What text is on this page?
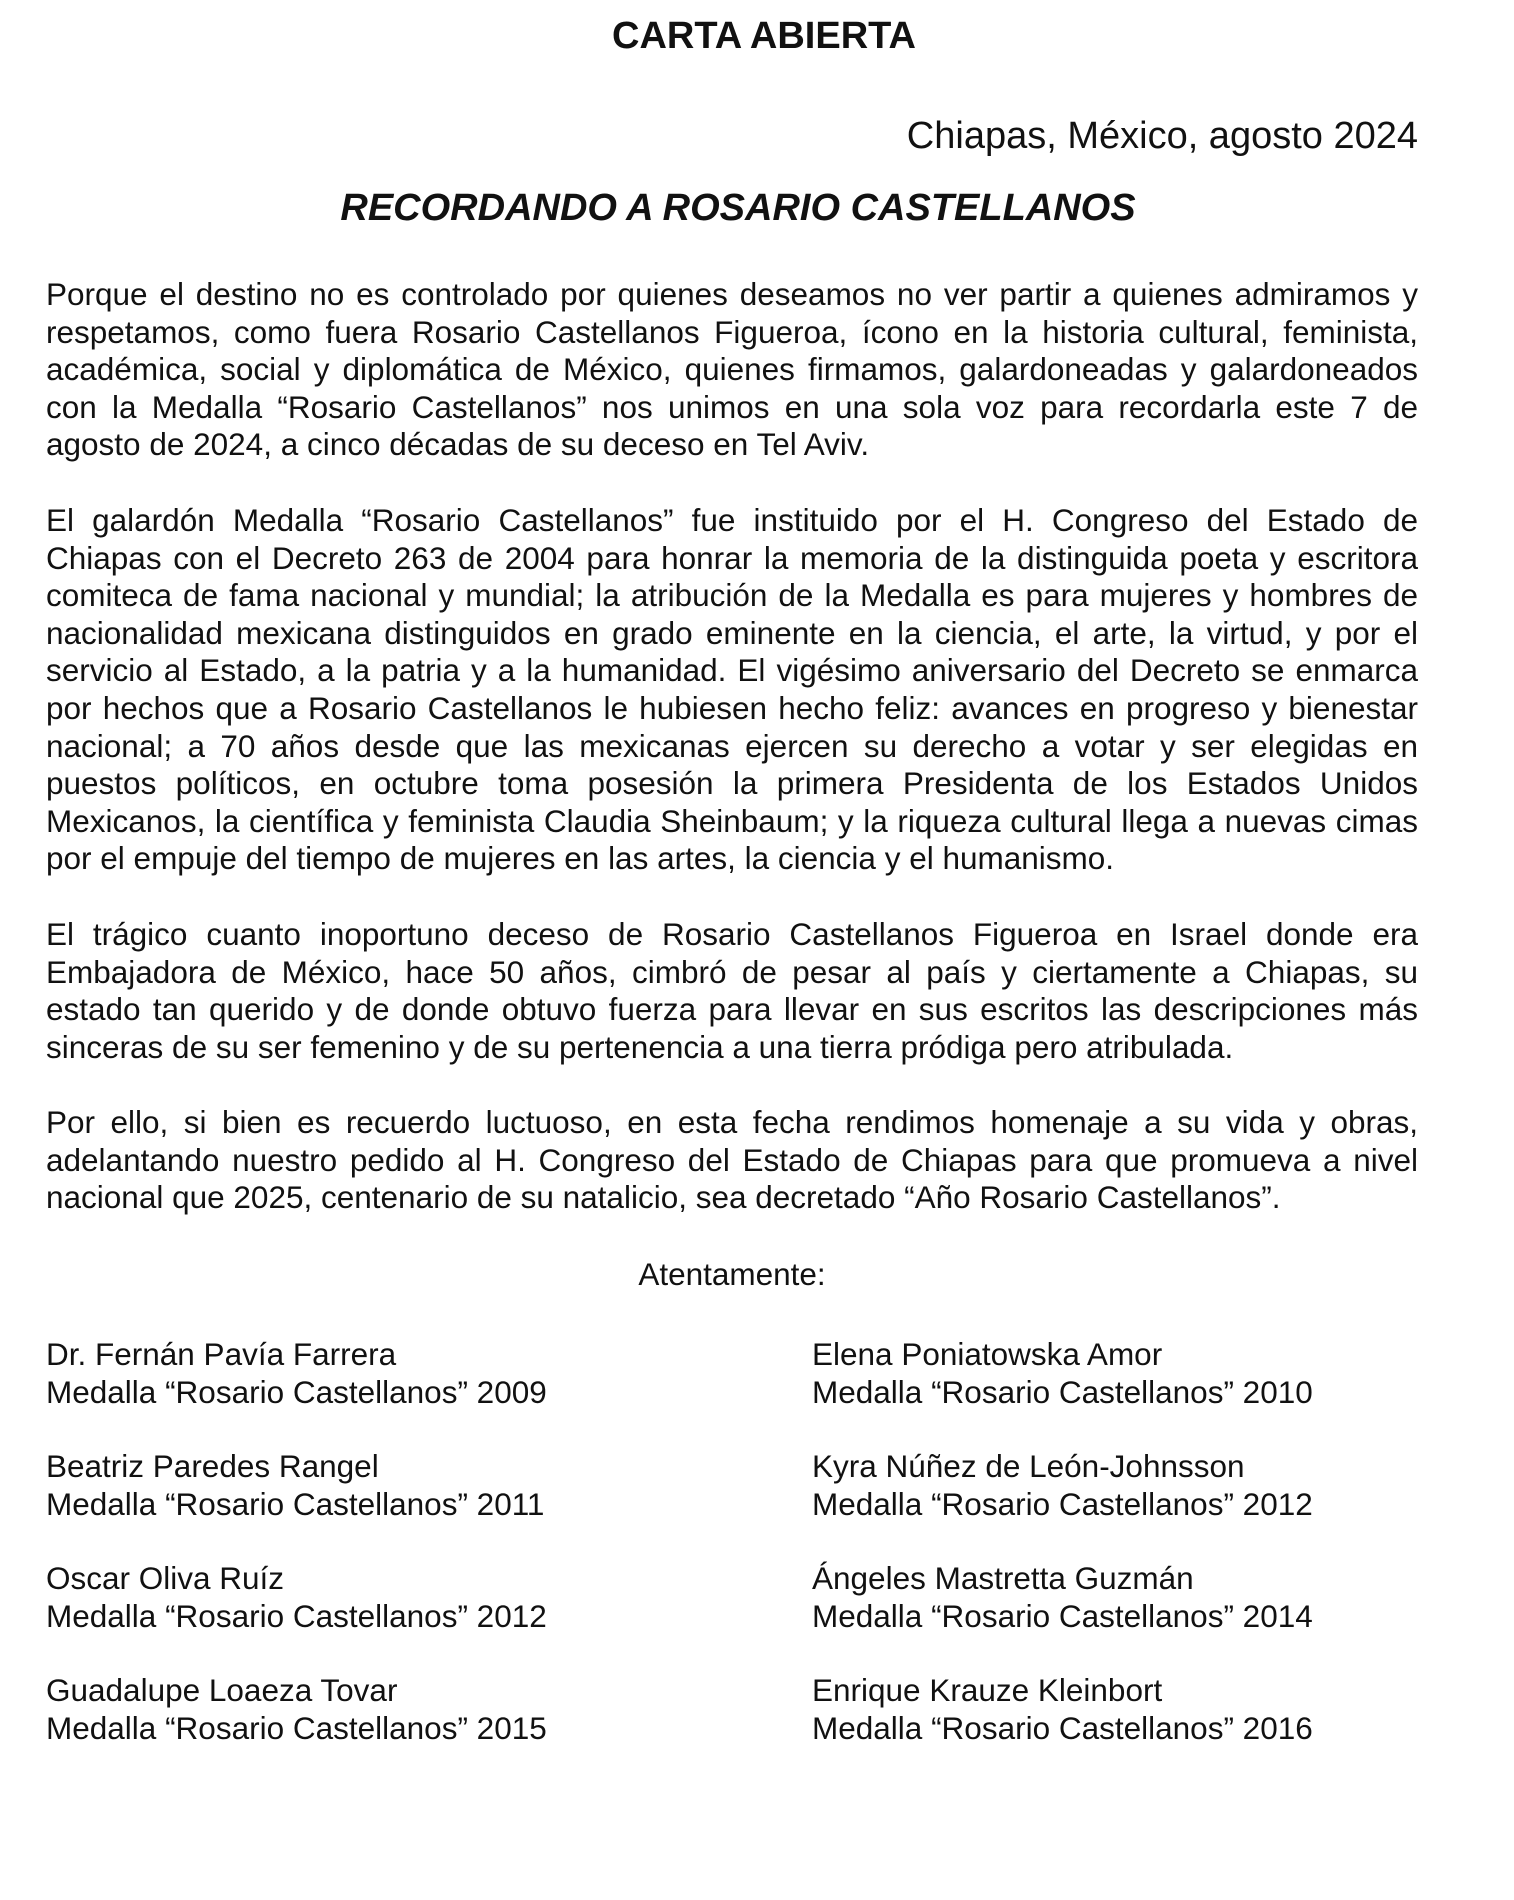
CARTA ABIERTA
Chiapas, México, agosto 2024
RECORDANDO A ROSARIO CASTELLANOS

Porque el destino no es controlado por quienes deseamos no ver partir a quienes admiramos y respetamos, como fuera Rosario Castellanos Figueroa, ícono en la historia cultural, feminista, académica, social y diplomática de México, quienes firmamos, galardoneadas y galardoneados con la Medalla “Rosario Castellanos” nos unimos en una sola voz para recordarla este 7 de agosto de 2024, a cinco décadas de su deceso en Tel Aviv.

El galardón Medalla “Rosario Castellanos” fue instituido por el H. Congreso del Estado de Chiapas con el Decreto 263 de 2004 para honrar la memoria de la distinguida poeta y escritora comiteca de fama nacional y mundial; la atribución de la Medalla es para mujeres y hombres de nacionalidad mexicana distinguidos en grado eminente en la ciencia, el arte, la virtud, y por el servicio al Estado, a la patria y a la humanidad. El vigésimo aniversario del Decreto se enmarca por hechos que a Rosario Castellanos le hubiesen hecho feliz: avances en progreso y bienestar nacional; a 70 años desde que las mexicanas ejercen su derecho a votar y ser elegidas en puestos políticos, en octubre toma posesión la primera Presidenta de los Estados Unidos Mexicanos, la científica y feminista Claudia Sheinbaum; y la riqueza cultural llega a nuevas cimas por el empuje del tiempo de mujeres en las artes, la ciencia y el humanismo.

El trágico cuanto inoportuno deceso de Rosario Castellanos Figueroa en Israel donde era Embajadora de México, hace 50 años, cimbró de pesar al país y ciertamente a Chiapas, su estado tan querido y de donde obtuvo fuerza para llevar en sus escritos las descripciones más sinceras de su ser femenino y de su pertenencia a una tierra pródiga pero atribulada.

Por ello, si bien es recuerdo luctuoso, en esta fecha rendimos homenaje a su vida y obras, adelantando nuestro pedido al H. Congreso del Estado de Chiapas para que promueva a nivel nacional que 2025, centenario de su natalicio, sea decretado “Año Rosario Castellanos”.

Atentamente:
Dr. Fernán Pavía Farrera
Medalla “Rosario Castellanos” 2009
Elena Poniatowska Amor
Medalla “Rosario Castellanos” 2010
Beatriz Paredes Rangel
Medalla “Rosario Castellanos” 2011
Kyra Núñez de León-Johnsson
Medalla “Rosario Castellanos” 2012
Oscar Oliva Ruíz
Medalla “Rosario Castellanos” 2012
Ángeles Mastretta Guzmán
Medalla “Rosario Castellanos” 2014
Guadalupe Loaeza Tovar
Medalla “Rosario Castellanos” 2015
Enrique Krauze Kleinbort
Medalla “Rosario Castellanos” 2016
